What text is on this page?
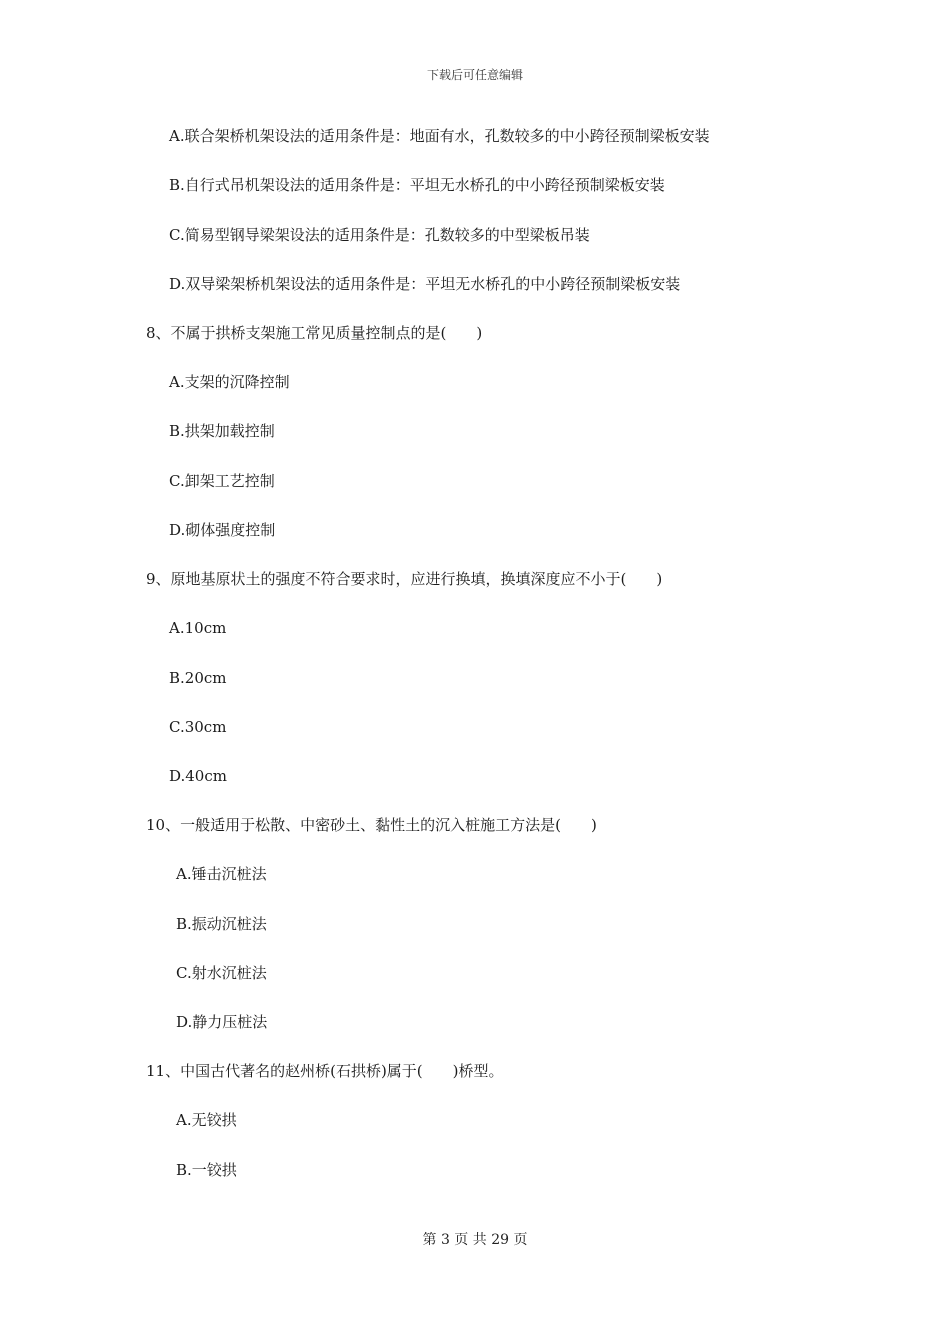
下载后可任意编辑
A.联合架桥机架设法的适用条件是：地面有水，孔数较多的中小跨径预制梁板安装
B.自行式吊机架设法的适用条件是：平坦无水桥孔的中小跨径预制梁板安装
C.简易型钢导梁架设法的适用条件是：孔数较多的中型梁板吊装
D.双导梁架桥机架设法的适用条件是：平坦无水桥孔的中小跨径预制梁板安装
8、不属于拱桥支架施工常见质量控制点的是(　　)
A.支架的沉降控制
B.拱架加载控制
C.卸架工艺控制
D.砌体强度控制
9、原地基原状土的强度不符合要求时，应进行换填，换填深度应不小于(　　)
A.10cm
B.20cm
C.30cm
D.40cm
10、一般适用于松散、中密砂土、黏性土的沉入桩施工方法是(　　)
A.锤击沉桩法
B.振动沉桩法
C.射水沉桩法
D.静力压桩法
11、中国古代著名的赵州桥(石拱桥)属于(　　)桥型。
A.无铰拱
B.一铰拱
第 3 页 共 29 页
